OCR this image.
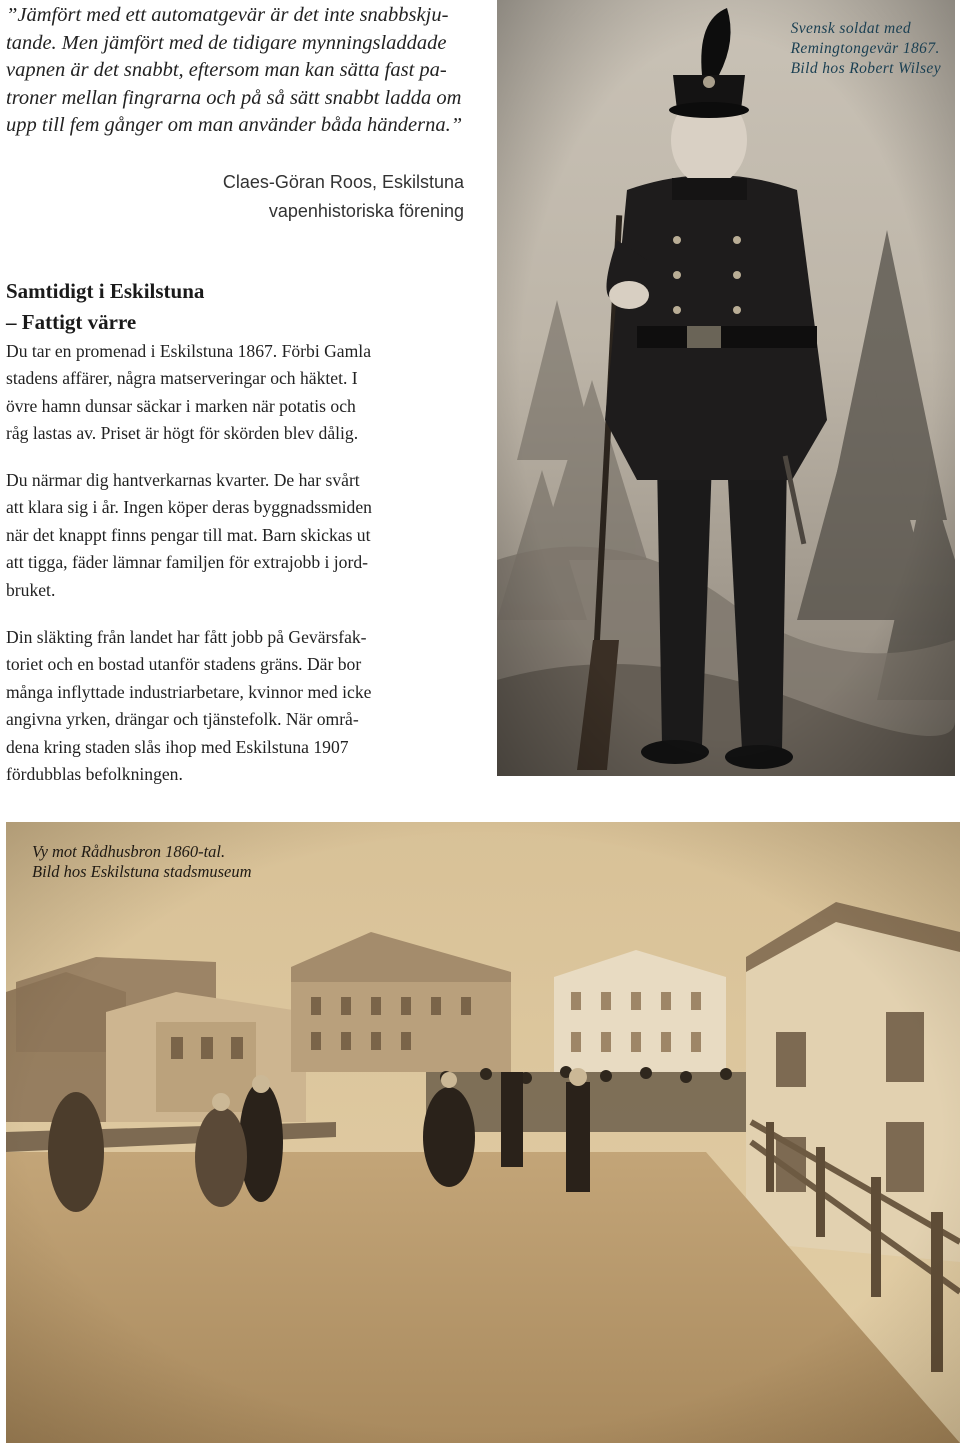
”Jämfört med ett automatgevär är det inte snabbskju-
tande. Men jämfört med de tidigare mynningsladdade
vapnen är det snabbt, eftersom man kan sätta fast pa-
troner mellan fingrarna och på så sätt snabbt ladda om
upp till fem gånger om man använder båda händerna.”
Claes-Göran Roos, Eskilstuna
vapenhistoriska förening
Samtidigt i Eskilstuna
– Fattigt värre
Du tar en promenad i Eskilstuna 1867. Förbi Gamla
stadens affärer, några matserveringar och häktet. I
övre hamn dunsar säckar i marken när potatis och
råg lastas av. Priset är högt för skörden blev dålig.
Du närmar dig hantverkarnas kvarter. De har svårt
att klara sig i år. Ingen köper deras byggnadssmiden
när det knappt finns pengar till mat. Barn skickas ut
att tigga, fäder lämnar familjen för extrajobb i jord-
bruket.
Din släkting från landet har fått jobb på Gevärsfak-
toriet och en bostad utanför stadens gräns. Där bor
många inflyttade industriarbetare, kvinnor med icke
angivna yrken, drängar och tjänstefolk. När områ-
dena kring staden slås ihop med Eskilstuna 1907
fördubblas befolkningen.
Svensk soldat med
Remingtongevär 1867.
Bild hos Robert Wilsey
Vy mot Rådhusbron 1860-tal.
Bild hos Eskilstuna stadsmuseum
